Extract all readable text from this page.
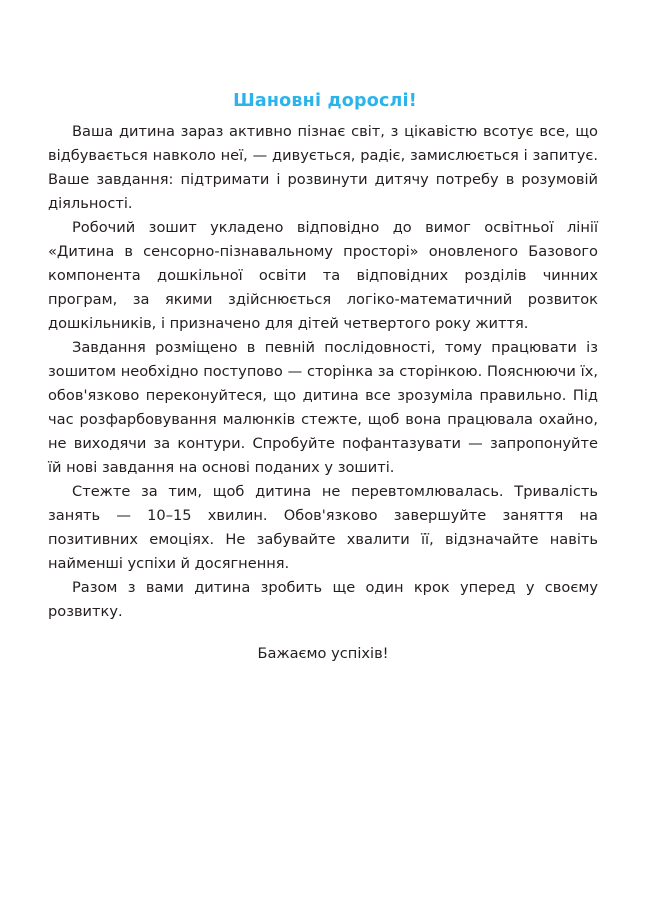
Шановні дорослі!

Ваша дитина зараз активно пізнає світ, з цікавістю всотує все, що відбувається навколо неї, — дивується, радіє, замислюється і запитує. Ваше завдання: підтримати і розвинути дитячу потребу в розумовій діяльності.

Робочий зошит укладено відповідно до вимог освітньої лінії «Дитина в сенсорно-пізнавальному просторі» оновленого Базового компонента дошкільної освіти та відповідних розділів чинних програм, за якими здійснюється логіко-математичний розвиток дошкільників, і призначено для дітей четвертого року життя.

Завдання розміщено в певній послідовності, тому працювати із зошитом необхідно поступово — сторінка за сторінкою. Пояснюючи їх, обов'язково переконуйтеся, що дитина все зрозуміла правильно. Під час розфарбовування малюнків стежте, щоб вона працювала охайно, не виходячи за контури. Спробуйте пофантазувати — запропонуйте їй нові завдання на основі поданих у зошиті.

Стежте за тим, щоб дитина не перевтомлювалась. Тривалість занять — 10–15 хвилин. Обов'язково завершуйте заняття на позитивних емоціях. Не забувайте хвалити її, відзначайте навіть найменші успіхи й досягнення.

Разом з вами дитина зробить ще один крок уперед у своєму розвитку.

Бажаємо успіхів!
